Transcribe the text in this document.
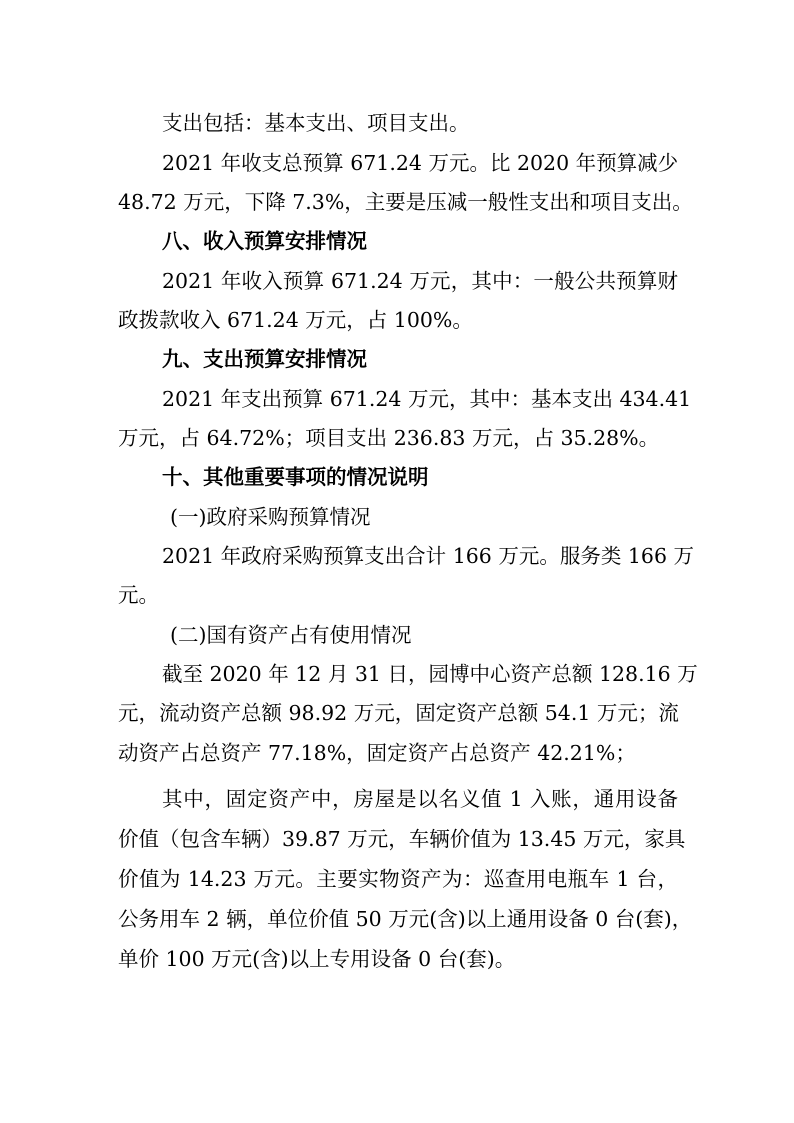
支出包括：基本支出、项目支出。
2021 年收支总预算 671.24 万元。比 2020 年预算减少
48.72 万元，下降 7.3%，主要是压减一般性支出和项目支出。
八、收入预算安排情况
2021 年收入预算 671.24 万元，其中：一般公共预算财
政拨款收入 671.24 万元，占 100%。
九、支出预算安排情况
2021 年支出预算 671.24 万元，其中：基本支出 434.41
万元，占 64.72%；项目支出 236.83 万元，占 35.28%。
十、其他重要事项的情况说明
(一)政府采购预算情况
2021 年政府采购预算支出合计 166 万元。服务类 166 万
元。
(二)国有资产占有使用情况
截至 2020 年 12 月 31 日，园博中心资产总额 128.16 万
元，流动资产总额 98.92 万元，固定资产总额 54.1 万元；流
动资产占总资产 77.18%，固定资产占总资产 42.21%；
其中，固定资产中，房屋是以名义值 1 入账，通用设备
价值（包含车辆）39.87 万元，车辆价值为 13.45 万元，家具
价值为 14.23 万元。主要实物资产为：巡查用电瓶车 1 台，
公务用车 2 辆，单位价值 50 万元(含)以上通用设备 0 台(套)，
单价 100 万元(含)以上专用设备 0 台(套)。
